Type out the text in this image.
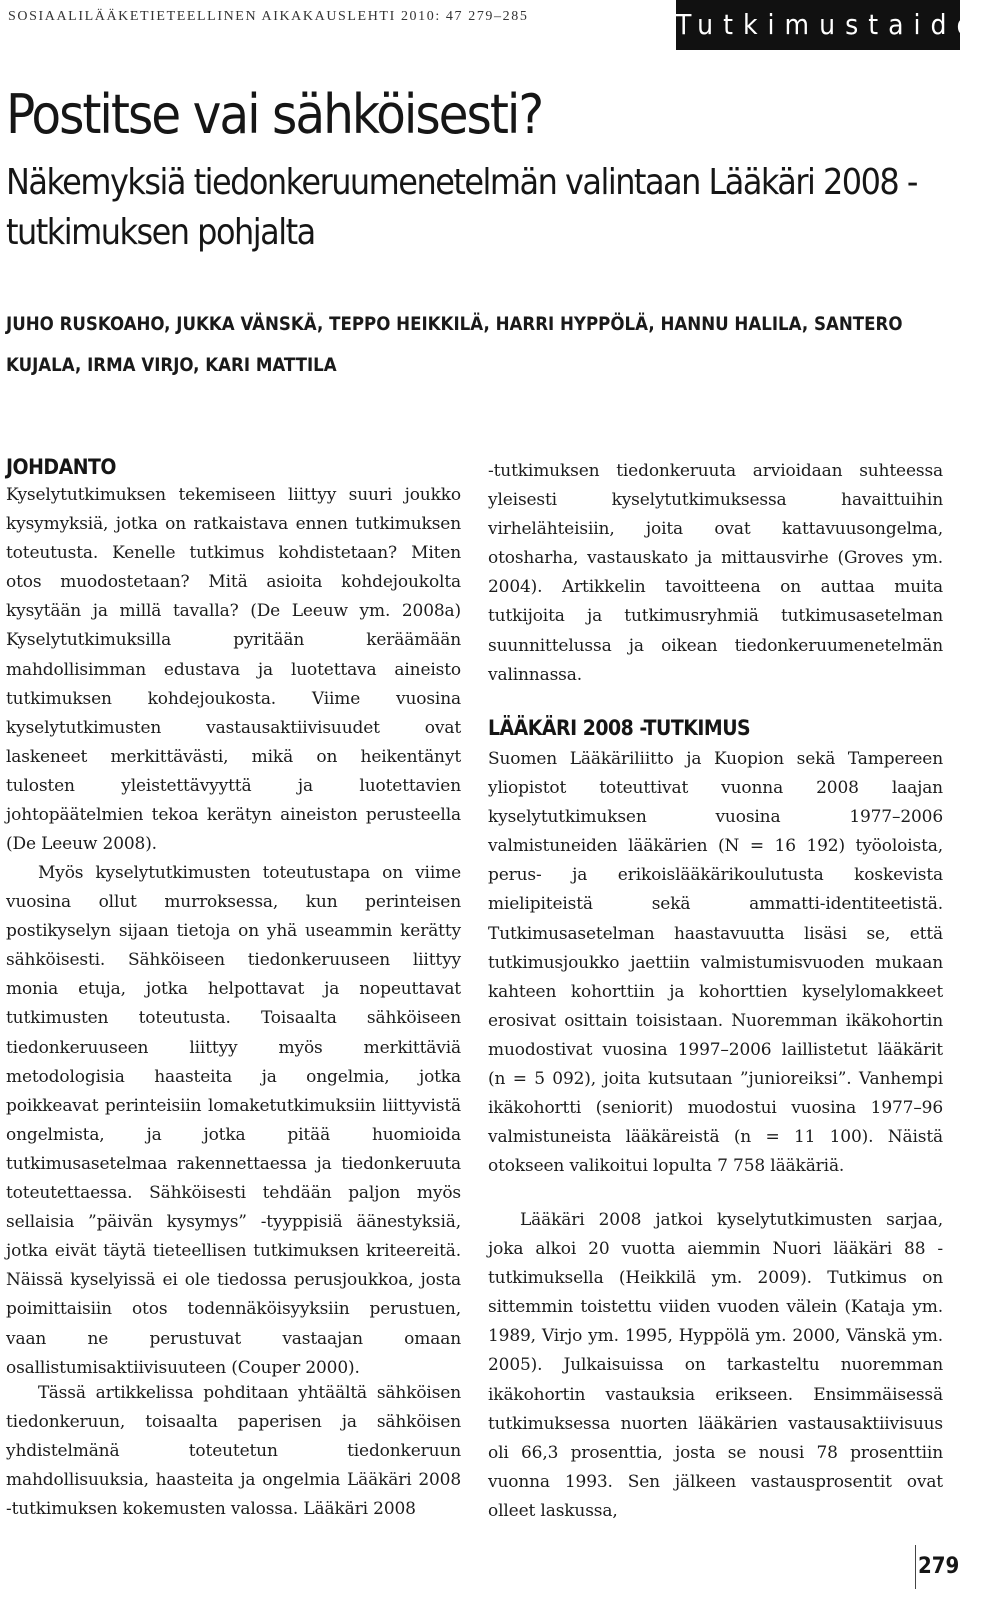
SOSIAALILÄÄKETIETEELLINEN AIKAKAUSLEHTI 2010: 47 279–285	Tutkimustaidot
Postitse vai sähköisesti?
Näkemyksiä tiedonkeruumenetelmän valintaan Lääkäri 2008 -tutkimuksen pohjalta
JUHO RUSKOAHO, JUKKA VÄNSKÄ, TEPPO HEIKKILÄ, HARRI HYPPÖLÄ, HANNU HALILA, SANTERO KUJALA, IRMA VIRJO, KARI MATTILA
JOHDANTO

Kyselytutkimuksen tekemiseen liittyy suuri joukko kysymyksiä, jotka on ratkaistava ennen tutkimuksen toteutusta. Kenelle tutkimus kohdistetaan? Miten otos muodostetaan? Mitä asioita kohdejoukolta kysytään ja millä tavalla? (De Leeuw ym. 2008a) Kyselytutkimuksilla pyritään keräämään mahdollisimman edustava ja luotettava aineisto tutkimuksen kohdejoukosta. Viime vuosina kyselytutkimusten vastausaktiivisuudet ovat laskeneet merkittävästi, mikä on heikentänyt tulosten yleistettävyyttä ja luotettavien johtopäätelmien tekoa kerätyn aineiston perusteella (De Leeuw 2008).

Myös kyselytutkimusten toteutustapa on viime vuosina ollut murroksessa, kun perinteisen postikyselyn sijaan tietoja on yhä useammin kerätty sähköisesti. Sähköiseen tiedonkeruuseen liittyy monia etuja, jotka helpottavat ja nopeuttavat tutkimusten toteutusta. Toisaalta sähköiseen tiedonkeruuseen liittyy myös merkittäviä metodologisia haasteita ja ongelmia, jotka poikkeavat perinteisiin lomaketutkimuksiin liittyvistä ongelmista, ja jotka pitää huomioida tutkimusasetelmaa rakennettaessa ja tiedonkeruuta toteutettaessa. Sähköisesti tehdään paljon myös sellaisia ”päivän kysymys” -tyyppisiä äänestyksiä, jotka eivät täytä tieteellisen tutkimuksen kriteereitä. Näissä kyselyissä ei ole tiedossa perusjoukkoa, josta poimittaisiin otos todennäköisyyksiin perustuen, vaan ne perustuvat vastaajan omaan osallistumisaktiivisuuteen (Couper 2000).

Tässä artikkelissa pohditaan yhtäältä sähköisen tiedonkeruun, toisaalta paperisen ja sähköisen yhdistelmänä toteutetun tiedonkeruun mahdollisuuksia, haasteita ja ongelmia Lääkäri 2008 -tutkimuksen kokemusten valossa. Lääkäri 2008

-tutkimuksen tiedonkeruuta arvioidaan suhteessa yleisesti kyselytutkimuksessa havaittuihin virhelähteisiin, joita ovat kattavuusongelma, otosharha, vastauskato ja mittausvirhe (Groves ym. 2004). Artikkelin tavoitteena on auttaa muita tutkijoita ja tutkimusryhmiä tutkimusasetelman suunnittelussa ja oikean tiedonkeruumenetelmän valinnassa.

LÄÄKÄRI 2008 -TUTKIMUS

Suomen Lääkäriliitto ja Kuopion sekä Tampereen yliopistot toteuttivat vuonna 2008 laajan kyselytutkimuksen vuosina 1977–2006 valmistuneiden lääkärien (N = 16 192) työoloista, perus- ja erikoislääkärikoulutusta koskevista mielipiteistä sekä ammatti-identiteetistä. Tutkimusasetelman haastavuutta lisäsi se, että tutkimusjoukko jaettiin valmistumisvuoden mukaan kahteen kohorttiin ja kohorttien kyselylomakkeet erosivat osittain toisistaan. Nuoremman ikäkohortin muodostivat vuosina 1997–2006 laillistetut lääkärit (n = 5 092), joita kutsutaan ”junioreiksi”. Vanhempi ikäkohortti (seniorit) muodostui vuosina 1977–96 valmistuneista lääkäreistä (n = 11 100). Näistä otokseen valikoitui lopulta 7 758 lääkäriä.

Lääkäri 2008 jatkoi kyselytutkimusten sarjaa, joka alkoi 20 vuotta aiemmin Nuori lääkäri 88 -tutkimuksella (Heikkilä ym. 2009). Tutkimus on sittemmin toistettu viiden vuoden välein (Kataja ym. 1989, Virjo ym. 1995, Hyppölä ym. 2000, Vänskä ym. 2005). Julkaisuissa on tarkasteltu nuoremman ikäkohortin vastauksia erikseen. Ensimmäisessä tutkimuksessa nuorten lääkärien vastausaktiivisuus oli 66,3 prosenttia, josta se nousi 78 prosenttiin vuonna 1993. Sen jälkeen vastausprosentit ovat olleet laskussa,

279
